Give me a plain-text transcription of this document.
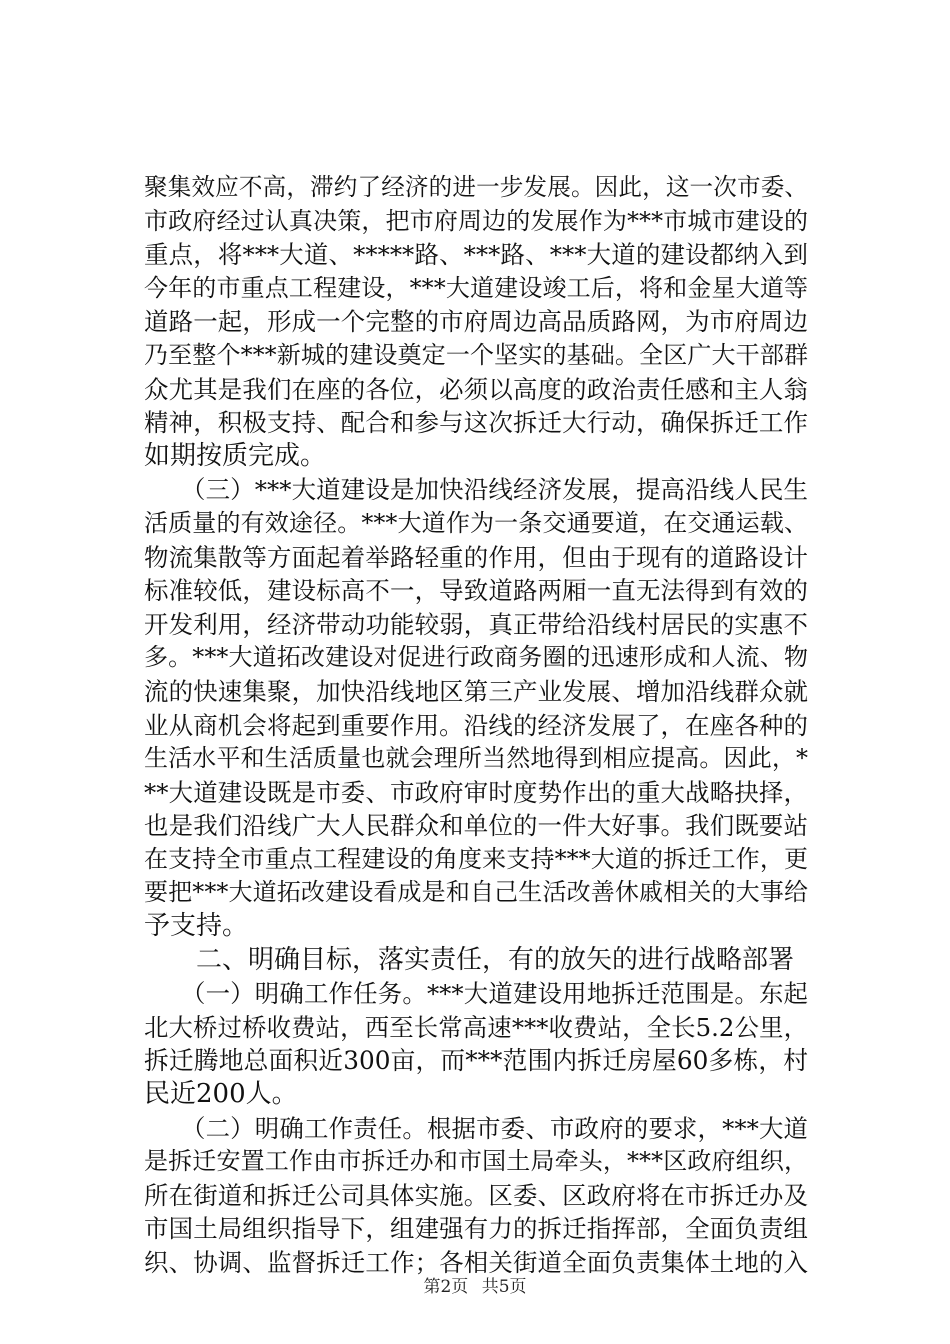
聚集效应不高，滞约了经济的进一步发展。因此，这一次市委、
市政府经过认真决策，把市府周边的发展作为***市城市建设的
重点，将***大道、*****路、***路、***大道的建设都纳入到
今年的市重点工程建设，***大道建设竣工后，将和金星大道等
道路一起，形成一个完整的市府周边高品质路网，为市府周边
乃至整个***新城的建设奠定一个坚实的基础。全区广大干部群
众尤其是我们在座的各位，必须以高度的政治责任感和主人翁
精神，积极支持、配合和参与这次拆迁大行动，确保拆迁工作
如期按质完成。
　　（三）***大道建设是加快沿线经济发展，提高沿线人民生
活质量的有效途径。***大道作为一条交通要道，在交通运载、
物流集散等方面起着举路轻重的作用，但由于现有的道路设计
标准较低，建设标高不一，导致道路两厢一直无法得到有效的
开发利用，经济带动功能较弱，真正带给沿线村居民的实惠不
多。***大道拓改建设对促进行政商务圈的迅速形成和人流、物
流的快速集聚，加快沿线地区第三产业发展、增加沿线群众就
业从商机会将起到重要作用。沿线的经济发展了，在座各种的
生活水平和生活质量也就会理所当然地得到相应提高。因此，*
**大道建设既是市委、市政府审时度势作出的重大战略抉择，
也是我们沿线广大人民群众和单位的一件大好事。我们既要站
在支持全市重点工程建设的角度来支持***大道的拆迁工作，更
要把***大道拓改建设看成是和自己生活改善休戚相关的大事给
予支持。
　　二、明确目标，落实责任，有的放矢的进行战略部署
　　（一）明确工作任务。***大道建设用地拆迁范围是。东起
北大桥过桥收费站，西至长常高速***收费站，全长5.2公里，
拆迁腾地总面积近300亩，而***范围内拆迁房屋60多栋，村
民近200人。
　　（二）明确工作责任。根据市委、市政府的要求，***大道
是拆迁安置工作由市拆迁办和市国土局牵头，***区政府组织，
所在街道和拆迁公司具体实施。区委、区政府将在市拆迁办及
市国土局组织指导下，组建强有力的拆迁指挥部，全面负责组
织、协调、监督拆迁工作；各相关街道全面负责集体土地的入
第2页 共5页
